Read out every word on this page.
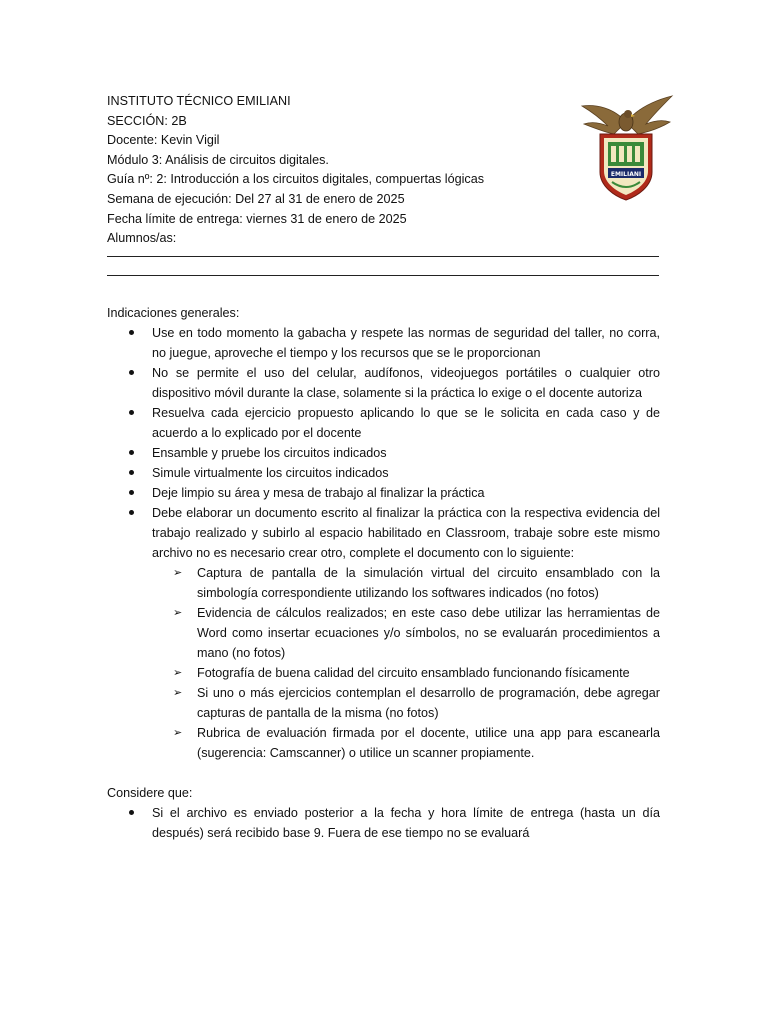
INSTITUTO TÉCNICO EMILIANI
SECCIÓN: 2B
Docente: Kevin Vigil
Módulo 3: Análisis de circuitos digitales.
Guía nº: 2: Introducción a los circuitos digitales, compuertas lógicas
Semana de ejecución: Del 27 al 31 de enero de 2025
Fecha límite de entrega: viernes 31 de enero de 2025
Alumnos/as:
EMILIANI

Indicaciones generales:

Use en todo momento la gabacha y respete las normas de seguridad del taller, no corra, no juegue, aproveche el tiempo y los recursos que se le proporcionan
No se permite el uso del celular, audífonos, videojuegos portátiles o cualquier otro dispositivo móvil durante la clase, solamente si la práctica lo exige o el docente autoriza
Resuelva cada ejercicio propuesto aplicando lo que se le solicita en cada caso y de acuerdo a lo explicado por el docente
Ensamble y pruebe los circuitos indicados
Simule virtualmente los circuitos indicados
Deje limpio su área y mesa de trabajo al finalizar la práctica
Debe elaborar un documento escrito al finalizar la práctica con la respectiva evidencia del trabajo realizado y subirlo al espacio habilitado en Classroom, trabaje sobre este mismo archivo no es necesario crear otro, complete el documento con lo siguiente:
➢ Captura de pantalla de la simulación virtual del circuito ensamblado con la simbología correspondiente utilizando los softwares indicados (no fotos)
➢ Evidencia de cálculos realizados; en este caso debe utilizar las herramientas de Word como insertar ecuaciones y/o símbolos, no se evaluarán procedimientos a mano (no fotos)
➢ Fotografía de buena calidad del circuito ensamblado funcionando físicamente
➢ Si uno o más ejercicios contemplan el desarrollo de programación, debe agregar capturas de pantalla de la misma (no fotos)
➢ Rubrica de evaluación firmada por el docente, utilice una app para escanearla (sugerencia: Camscanner) o utilice un scanner propiamente.

Considere que:

Si el archivo es enviado posterior a la fecha y hora límite de entrega (hasta un día después) será recibido base 9. Fuera de ese tiempo no se evaluará
